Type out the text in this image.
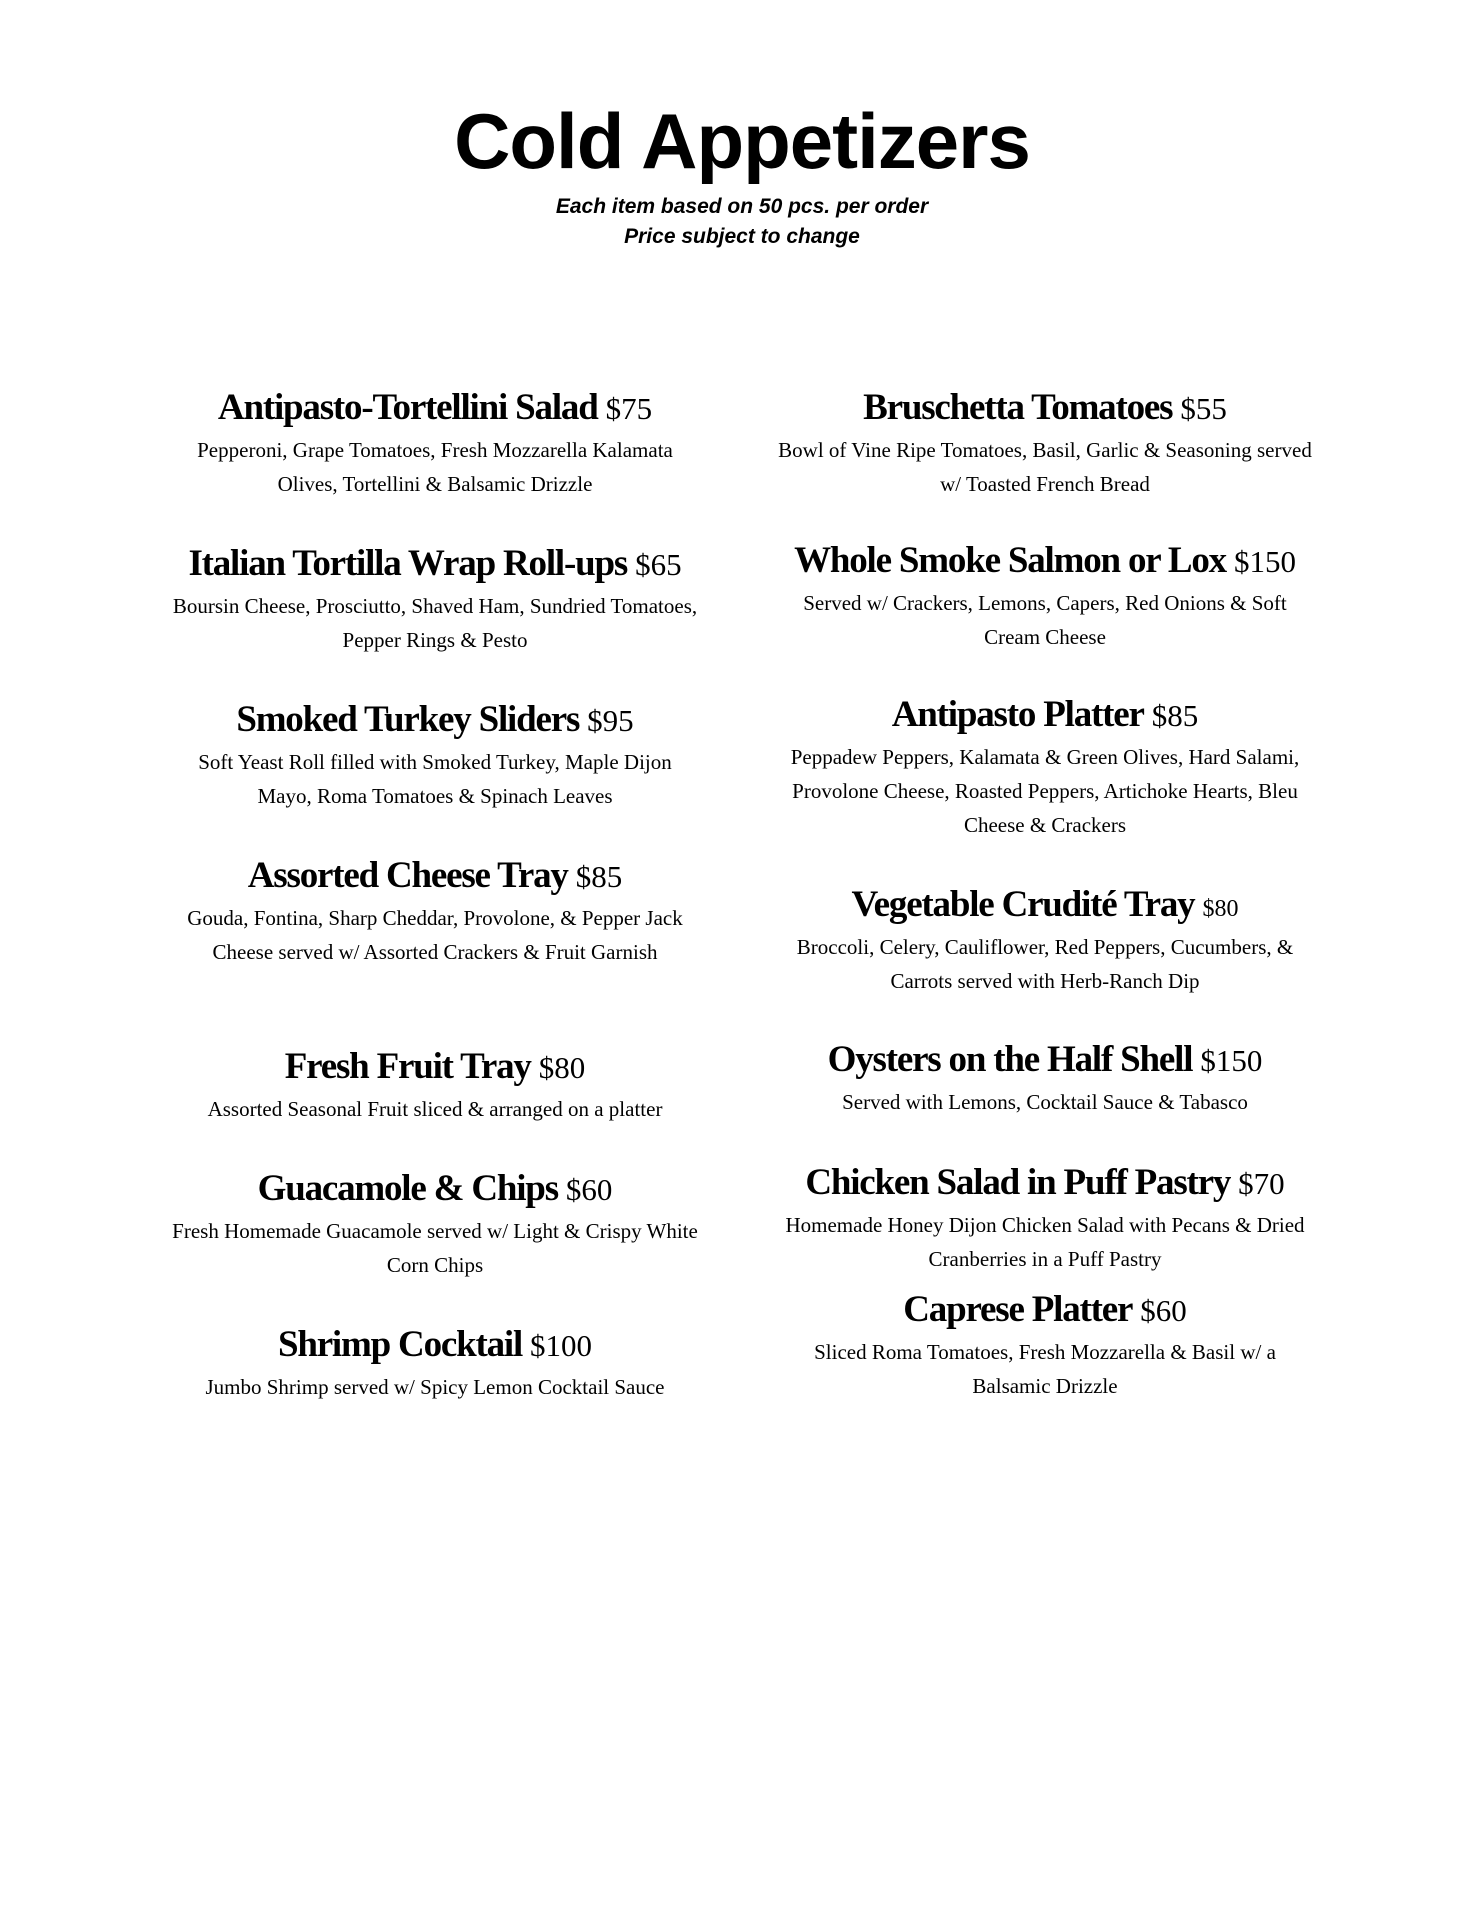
Cold Appetizers

Each item based on 50 pcs. per order

Price subject to change

Antipasto-Tortellini Salad $75
Pepperoni, Grape Tomatoes, Fresh Mozzarella Kalamata Olives, Tortellini & Balsamic Drizzle
Italian Tortilla Wrap Roll-ups $65
Boursin Cheese, Prosciutto, Shaved Ham, Sundried Tomatoes, Pepper Rings & Pesto
Smoked Turkey Sliders $95
Soft Yeast Roll filled with Smoked Turkey, Maple Dijon Mayo, Roma Tomatoes & Spinach Leaves
Assorted Cheese Tray $85
Gouda, Fontina, Sharp Cheddar, Provolone, & Pepper Jack Cheese served w/ Assorted Crackers & Fruit Garnish
Fresh Fruit Tray $80
Assorted Seasonal Fruit sliced & arranged on a platter
Guacamole & Chips $60
Fresh Homemade Guacamole served w/ Light & Crispy White Corn Chips
Shrimp Cocktail $100
Jumbo Shrimp served w/ Spicy Lemon Cocktail Sauce
Bruschetta Tomatoes $55
Bowl of Vine Ripe Tomatoes, Basil, Garlic & Seasoning served w/ Toasted French Bread
Whole Smoke Salmon or Lox $150
Served w/ Crackers, Lemons, Capers, Red Onions & Soft Cream Cheese
Antipasto Platter $85
Peppadew Peppers, Kalamata & Green Olives, Hard Salami, Provolone Cheese, Roasted Peppers, Artichoke Hearts, Bleu Cheese & Crackers
Vegetable Crudité Tray $80
Broccoli, Celery, Cauliflower, Red Peppers, Cucumbers, & Carrots served with Herb-Ranch Dip
Oysters on the Half Shell $150
Served with Lemons, Cocktail Sauce & Tabasco
Chicken Salad in Puff Pastry $70
Homemade Honey Dijon Chicken Salad with Pecans & Dried Cranberries in a Puff Pastry
Caprese Platter $60
Sliced Roma Tomatoes, Fresh Mozzarella & Basil w/ a Balsamic Drizzle
